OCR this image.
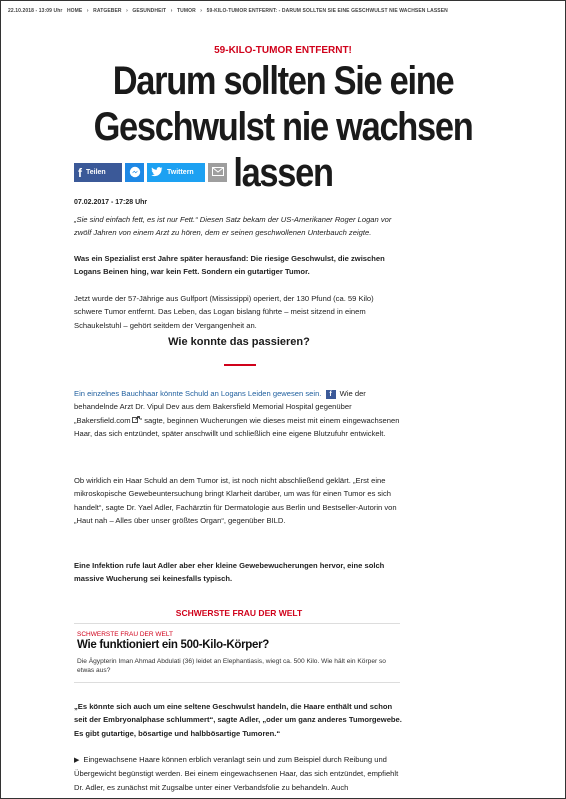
22.10.2018 - 13:09 Uhr HOME › RATGEBER › GESUNDHEIT › TUMOR › 59-KILO-TUMOR ENTFERNT: - DARUM SOLLTEN SIE EINE GESCHWULST NIE WACHSEN LASSEN
59-KILO-TUMOR ENTFERNT!
Darum sollten Sie eine Geschwulst nie wachsen lassen
f Teilen	Twittern
07.02.2017 - 17:28 Uhr
„Sie sind einfach fett, es ist nur Fett.“ Diesen Satz bekam der US-Amerikaner Roger Logan vor zwölf Jahren von einem Arzt zu hören, dem er seinen geschwollenen Unterbauch zeigte.
Was ein Spezialist erst Jahre später herausfand: Die riesige Geschwulst, die zwischen Logans Beinen hing, war kein Fett. Sondern ein gutartiger Tumor.
Jetzt wurde der 57-Jährige aus Gulfport (Mississippi) operiert, der 130 Pfund (ca. 59 Kilo) schwere Tumor entfernt. Das Leben, das Logan bislang führte – meist sitzend in einem Schaukelstuhl – gehört seitdem der Vergangenheit an.
Wie konnte das passieren?
Ein einzelnes Bauchhaar könnte Schuld an Logans Leiden gewesen sein. f Wie der behandelnde Arzt Dr. Vipul Dev aus dem Bakersfield Memorial Hospital gegenüber „Bakersfield.com “ sagte, beginnen Wucherungen wie dieses meist mit einem eingewachsenen Haar, das sich entzündet, später anschwillt und schließlich eine eigene Blutzufuhr entwickelt.
Ob wirklich ein Haar Schuld an dem Tumor ist, ist noch nicht abschließend geklärt. „Erst eine mikroskopische Gewebeuntersuchung bringt Klarheit darüber, um was für einen Tumor es sich handelt“, sagte Dr. Yael Adler, Fachärztin für Dermatologie aus Berlin und Bestseller-Autorin von „Haut nah – Alles über unser größtes Organ“, gegenüber BILD.
Eine Infektion rufe laut Adler aber eher kleine Gewebewucherungen hervor, eine solch massive Wucherung sei keinesfalls typisch.
SCHWERSTE FRAU DER WELT
SCHWERSTE FRAU DER WELT
Wie funktioniert ein 500-Kilo-Körper?
Die Ägypterin Iman Ahmad Abdulati (36) leidet an Elephantiasis, wiegt ca. 500 Kilo. Wie hält ein Körper so etwas aus?
„Es könnte sich auch um eine seltene Geschwulst handeln, die Haare enthält und schon seit der Embryonalphase schlummert“, sagte Adler, „oder um ganz anderes Tumorgewebe. Es gibt gutartige, bösartige und halbbösartige Tumoren.“
▶ Eingewachsene Haare können erblich veranlagt sein und zum Beispiel durch Reibung und Übergewicht begünstigt werden. Bei einem eingewachsenen Haar, das sich entzündet, empfiehlt Dr. Adler, es zunächst mit Zugsalbe unter einer Verbandsfolie zu behandeln. Auch
